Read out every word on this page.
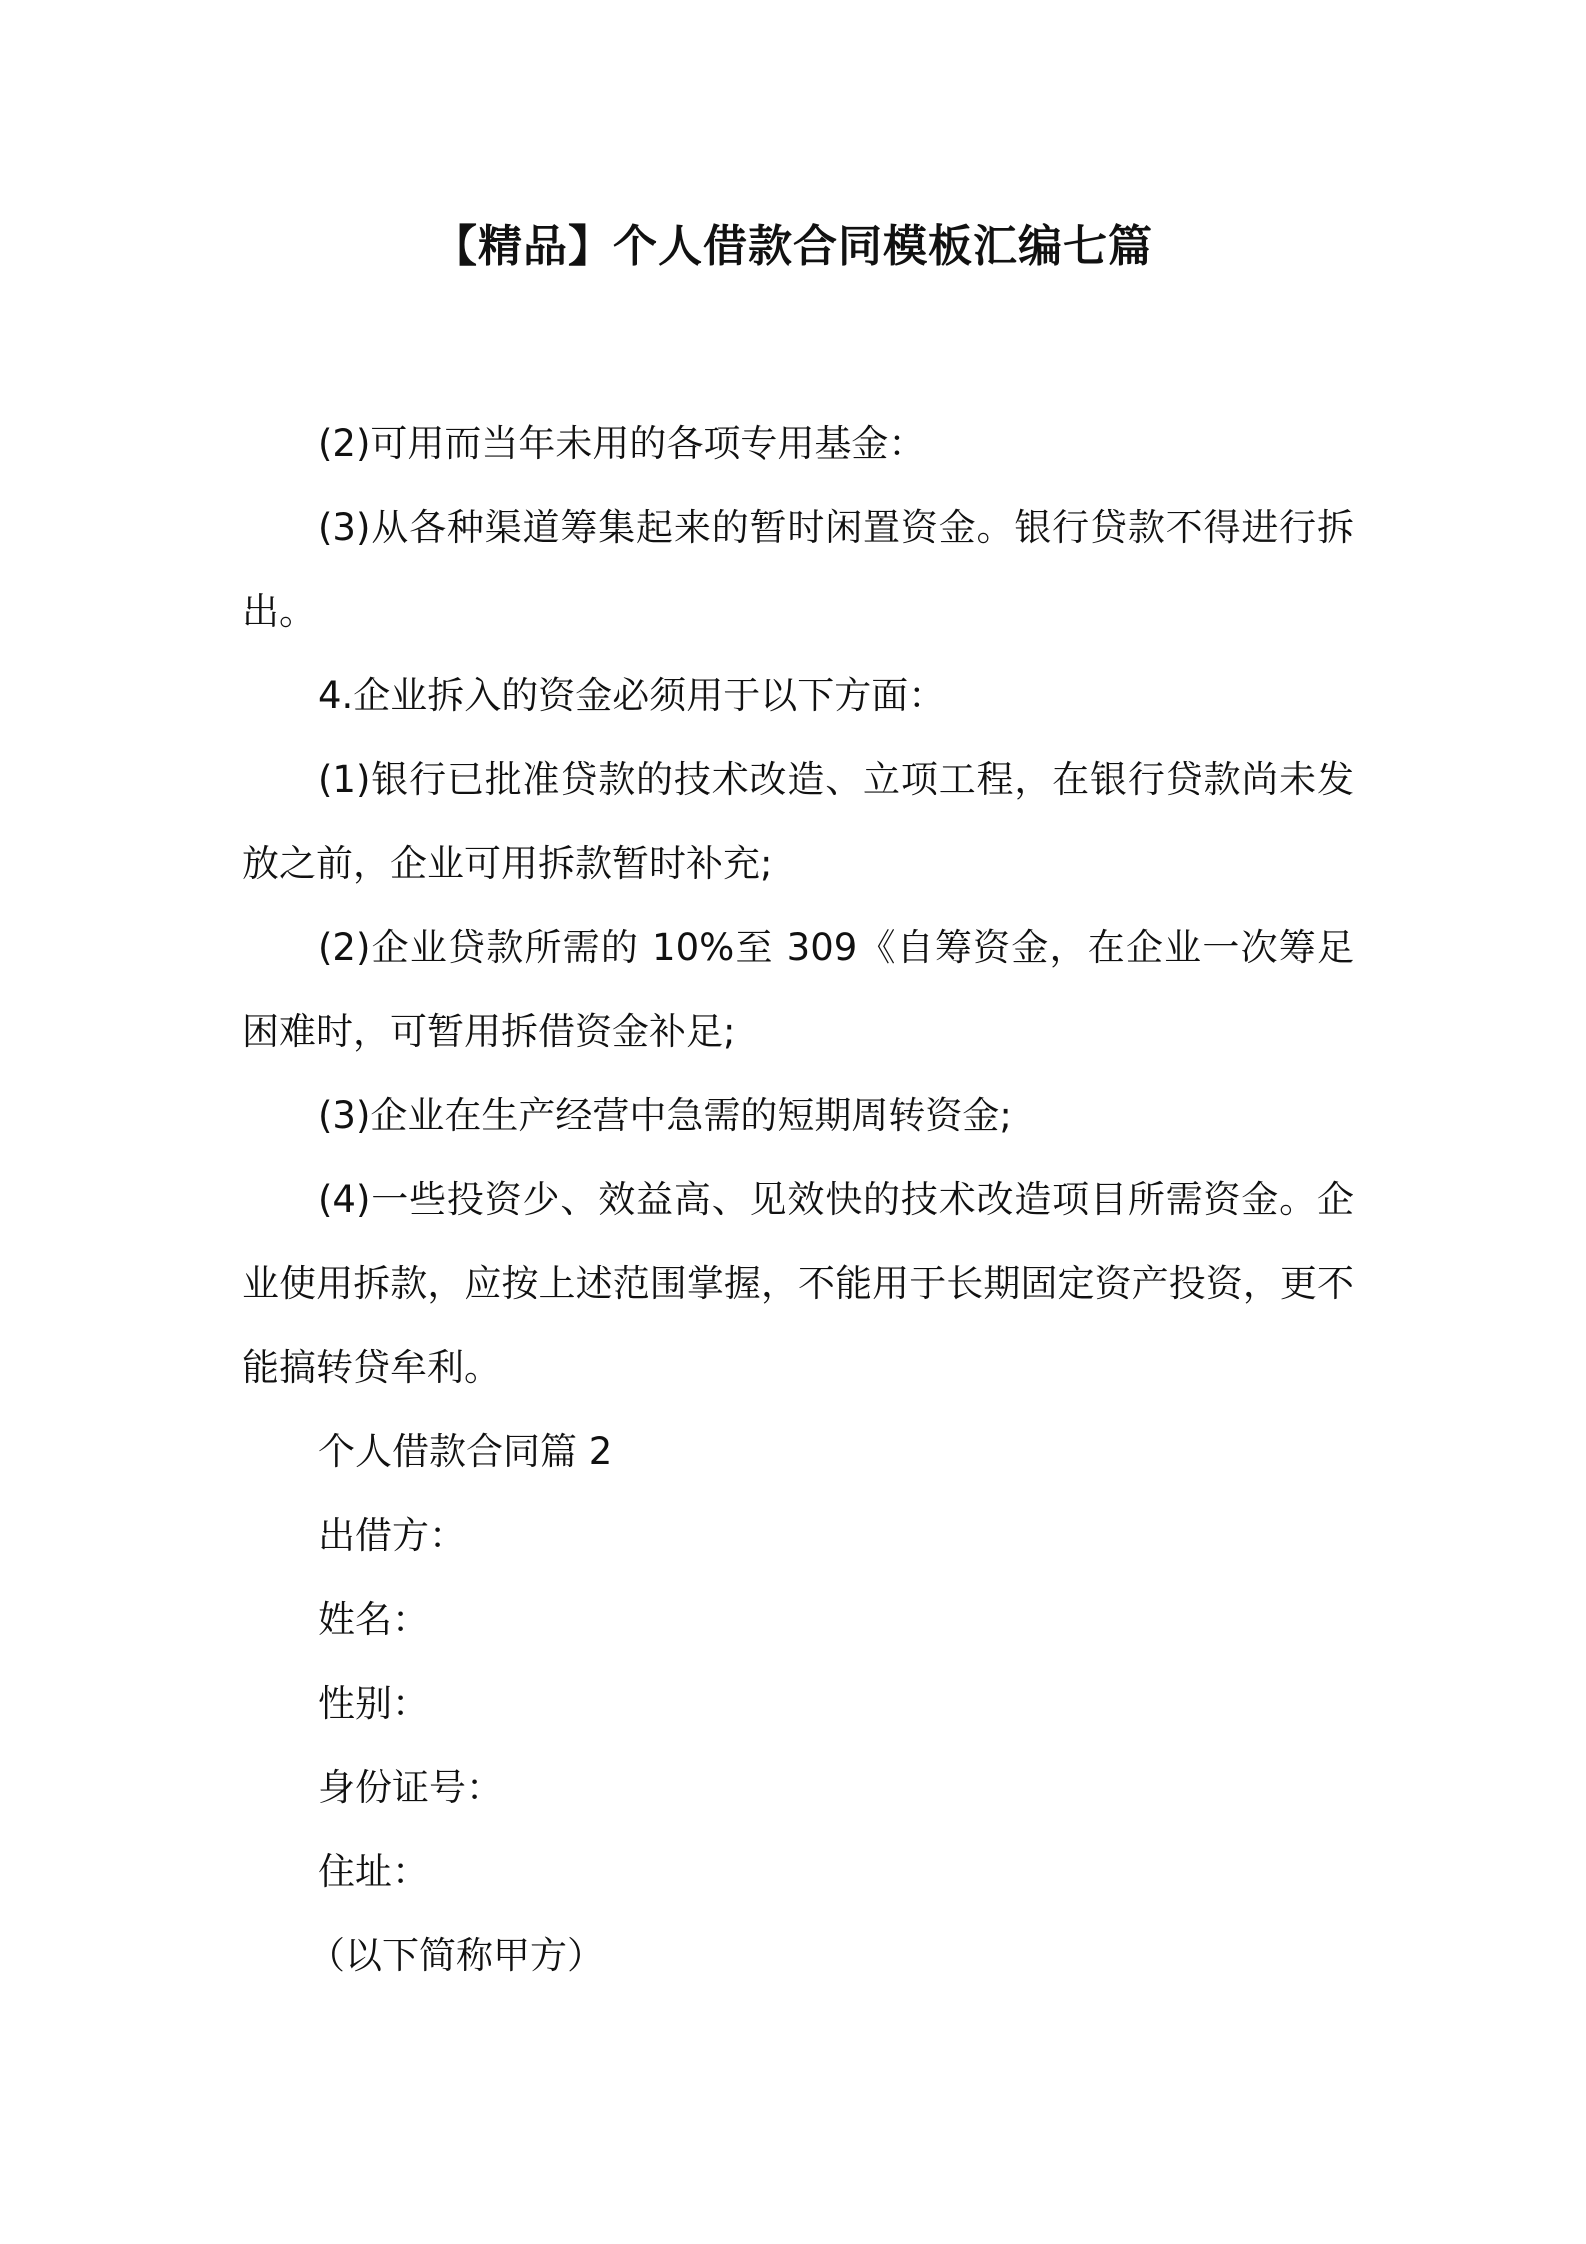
【精品】个人借款合同模板汇编七篇

(2)可用而当年未用的各项专用基金：

(3)从各种渠道筹集起来的暂时闲置资金。银行贷款不得进行拆出。

4.企业拆入的资金必须用于以下方面：

(1)银行已批准贷款的技术改造、立项工程，在银行贷款尚未发放之前，企业可用拆款暂时补充;

(2)企业贷款所需的 10%至 309《自筹资金，在企业一次筹足困难时，可暂用拆借资金补足;

(3)企业在生产经营中急需的短期周转资金;

(4)一些投资少、效益高、见效快的技术改造项目所需资金。企业使用拆款，应按上述范围掌握，不能用于长期固定资产投资，更不能搞转贷牟利。

个人借款合同篇 2

出借方：

姓名：

性别：

身份证号：

住址：

（以下简称甲方）
